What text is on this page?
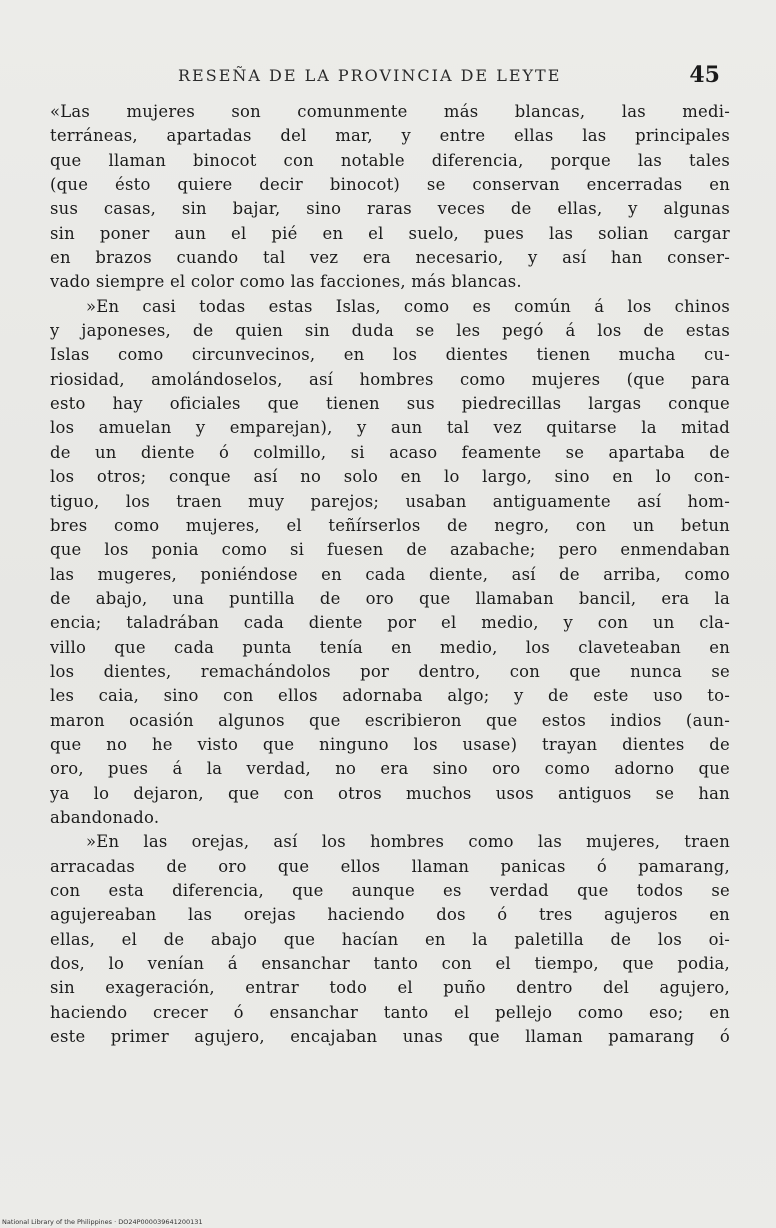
RESEÑA DE LA PROVINCIA DE LEYTE	45
«Las mujeres son comunmente más blancas, las medi-
terráneas, apartadas del mar, y entre ellas las principales
que llaman binocot con notable diferencia, porque las tales
(que ésto quiere decir binocot) se conservan encerradas en
sus casas, sin bajar, sino raras veces de ellas, y algunas
sin poner aun el pié en el suelo, pues las solian cargar
en brazos cuando tal vez era necesario, y así han conser-
vado siempre el color como las facciones, más blancas.
»En casi todas estas Islas, como es común á los chinos
y japoneses, de quien sin duda se les pegó á los de estas
Islas como circunvecinos, en los dientes tienen mucha cu-
riosidad, amolándoselos, así hombres como mujeres (que para
esto hay oficiales que tienen sus piedrecillas largas conque
los amuelan y emparejan), y aun tal vez quitarse la mitad
de un diente ó colmillo, si acaso feamente se apartaba de
los otros; conque así no solo en lo largo, sino en lo con-
tiguo, los traen muy parejos; usaban antiguamente así hom-
bres como mujeres, el teñírserlos de negro, con un betun
que los ponia como si fuesen de azabache; pero enmendaban
las mugeres, poniéndose en cada diente, así de arriba, como
de abajo, una puntilla de oro que llamaban bancil, era la
encia; taladrában cada diente por el medio, y con un cla-
villo que cada punta tenía en medio, los claveteaban en
los dientes, remachándolos por dentro, con que nunca se
les caia, sino con ellos adornaba algo; y de este uso to-
maron ocasión algunos que escribieron que estos indios (aun-
que no he visto que ninguno los usase) trayan dientes de
oro, pues á la verdad, no era sino oro como adorno que
ya lo dejaron, que con otros muchos usos antiguos se han
abandonado.
»En las orejas, así los hombres como las mujeres, traen
arracadas de oro que ellos llaman panicas ó pamarang,
con esta diferencia, que aunque es verdad que todos se
agujereaban las orejas haciendo dos ó tres agujeros en
ellas, el de abajo que hacían en la paletilla de los oi-
dos, lo venían á ensanchar tanto con el tiempo, que podia,
sin exageración, entrar todo el puño dentro del agujero,
haciendo crecer ó ensanchar tanto el pellejo como eso; en
este primer agujero, encajaban unas que llaman pamarang ó
National Library of the Philippines · DO24P000039641200131
